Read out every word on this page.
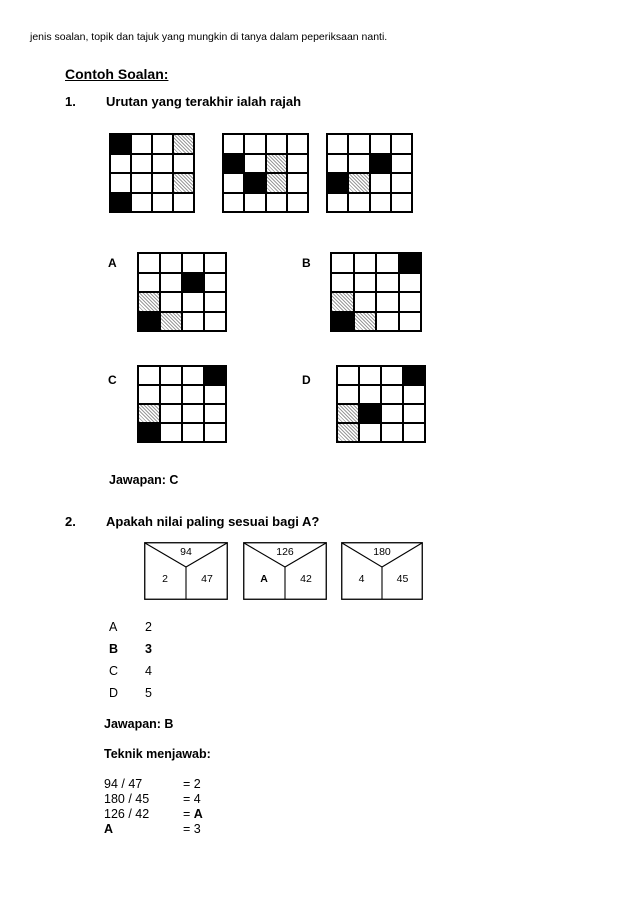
jenis soalan, topik dan tajuk yang mungkin di tanya dalam peperiksaan nanti.
Contoh Soalan:
1. Urutan yang terakhir ialah rajah
A	B
C	D
Jawapan: C
2. Apakah nilai paling sesuai bagi A?
94
2	47
126
A	42
180
4	45
A 2
B 3
C 4
D 5
Jawapan: B
Teknik menjawab:
94 / 47	= 2
180 / 45	= 4
126 / 42	= A
A	= 3
